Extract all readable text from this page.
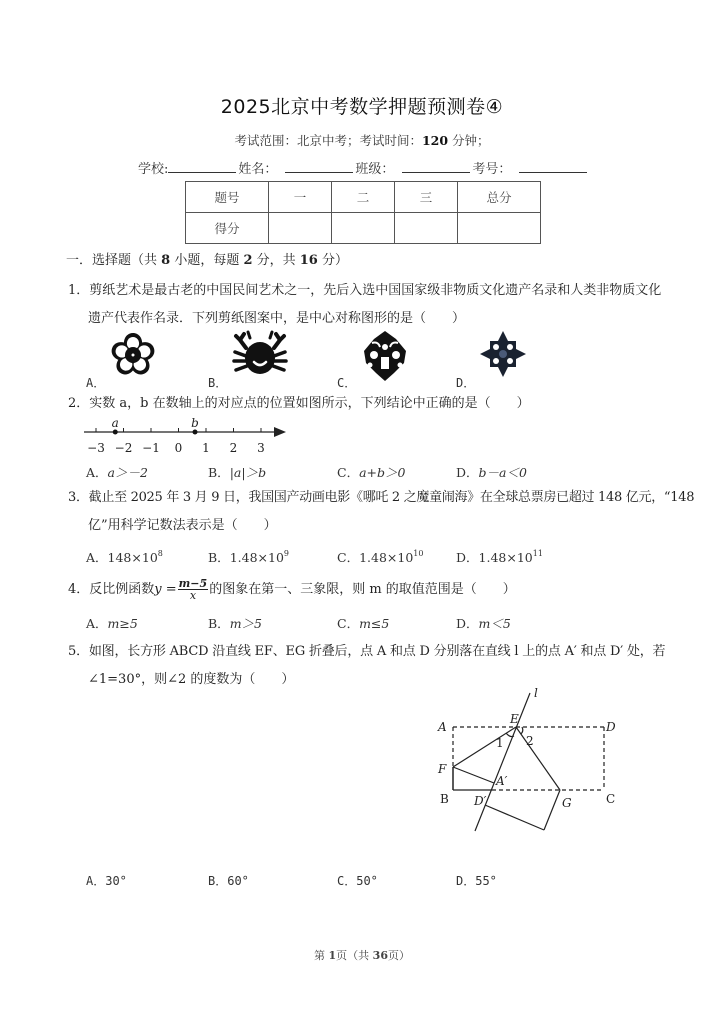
2025北京中考数学押题预测卷④
考试范围：北京中考；考试时间：120 分钟；
学校:	姓名：	班级：	考号：
题号	一	二	三	总分
得分				
一．选择题（共 8 小题，每题 2 分，共 16 分）
1．剪纸艺术是最古老的中国民间艺术之一，先后入选中国国家级非物质文化遗产名录和人类非物质文化
遗产代表作名录．下列剪纸图案中，是中心对称图形的是（　　）
A．	B．	C．	D．
2．实数 a，b 在数轴上的对应点的位置如图所示，下列结论中正确的是（　　）
−3 −2 −1 0 1 2 3
a	b
A．a＞－2	B．|a|＞b	C．a+b＞0	D．b－a＜0
3．截止至 2025 年 3 月 9 日，我国国产动画电影《哪吒 2 之魔童闹海》在全球总票房已超过 148 亿元，“148
亿”用科学记数法表示是（　　）
A．$148\times 10^8$	B．$1.48\times 10^9$	C．$1.48\times 10^{10}$	D．$1.48\times 10^{11}$
4．反比例函数$y = \frac{m-5}{x}$ 的图象在第一、三象限，则 m 的取值范围是（　　）
A．m≥5	B．m＞5	C．m≤5	D．m＜5
5．如图，长方形 ABCD 沿直线 EF、EG 折叠后，点 A 和点 D 分别落在直线 l 上的点 A′ 和点 D′ 处，若
∠1=30°，则∠2 的度数为（　　）
A
E
D
l
1 2
F
A′
B D′	G	C
A．30°	B．60°	C．50°	D．55°
第 1页（共 36页）
